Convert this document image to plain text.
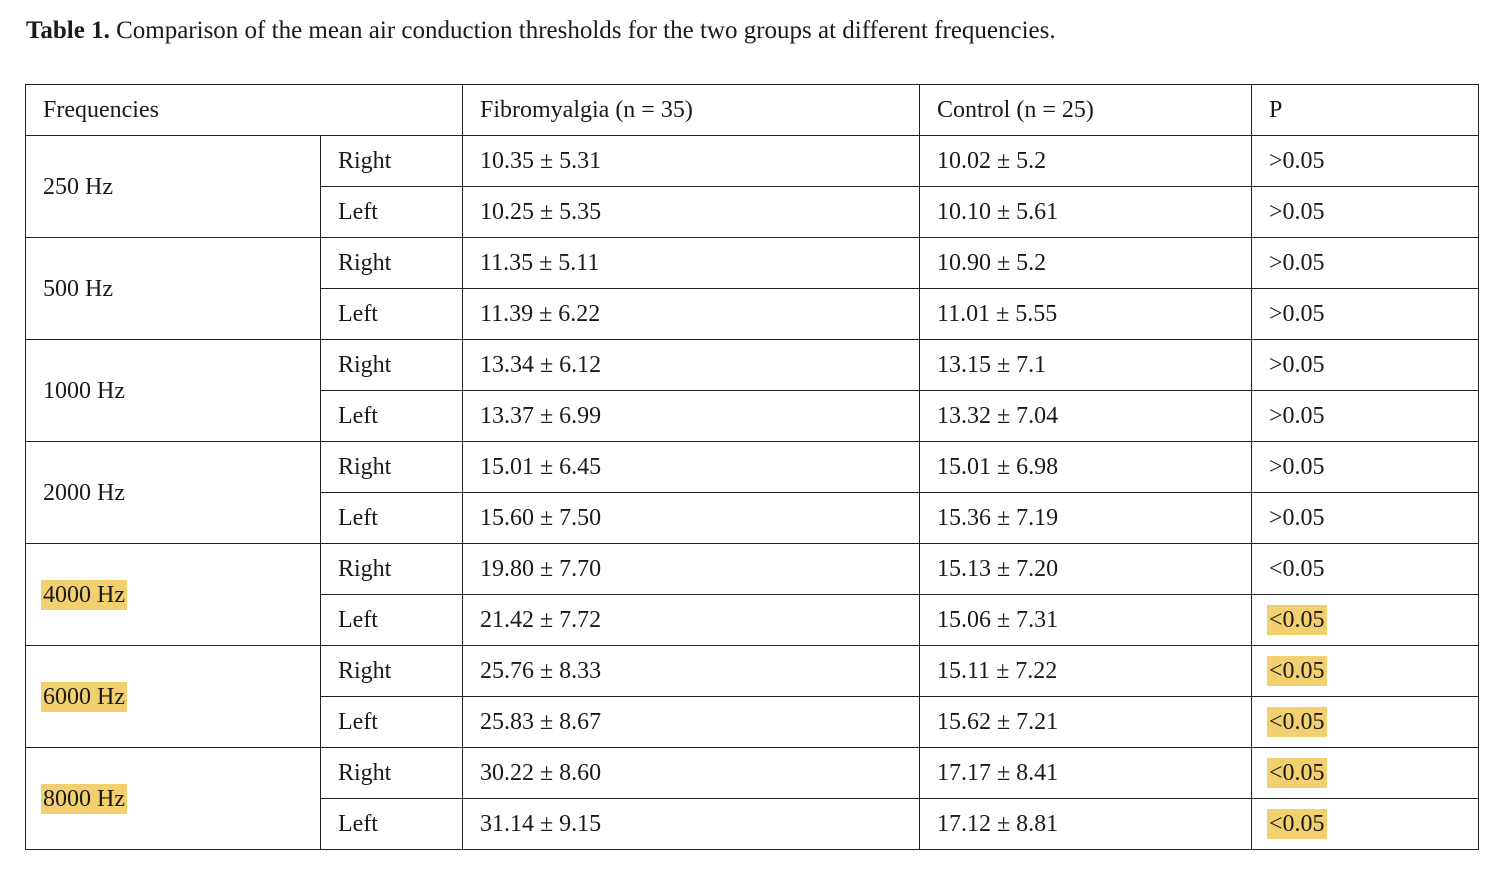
Table 1. Comparison of the mean air conduction thresholds for the two groups at different frequencies.
Frequencies		Fibromyalgia (n = 35)	Control (n = 25)	P
250 Hz	Right	10.35 ± 5.31	10.02 ± 5.2	>0.05
	Left	10.25 ± 5.35	10.10 ± 5.61	>0.05
500 Hz	Right	11.35 ± 5.11	10.90 ± 5.2	>0.05
	Left	11.39 ± 6.22	11.01 ± 5.55	>0.05
1000 Hz	Right	13.34 ± 6.12	13.15 ± 7.1	>0.05
	Left	13.37 ± 6.99	13.32 ± 7.04	>0.05
2000 Hz	Right	15.01 ± 6.45	15.01 ± 6.98	>0.05
	Left	15.60 ± 7.50	15.36 ± 7.19	>0.05
4000 Hz	Right	19.80 ± 7.70	15.13 ± 7.20	<0.05
	Left	21.42 ± 7.72	15.06 ± 7.31	<0.05
6000 Hz	Right	25.76 ± 8.33	15.11 ± 7.22	<0.05
	Left	25.83 ± 8.67	15.62 ± 7.21	<0.05
8000 Hz	Right	30.22 ± 8.60	17.17 ± 8.41	<0.05
	Left	31.14 ± 9.15	17.12 ± 8.81	<0.05
